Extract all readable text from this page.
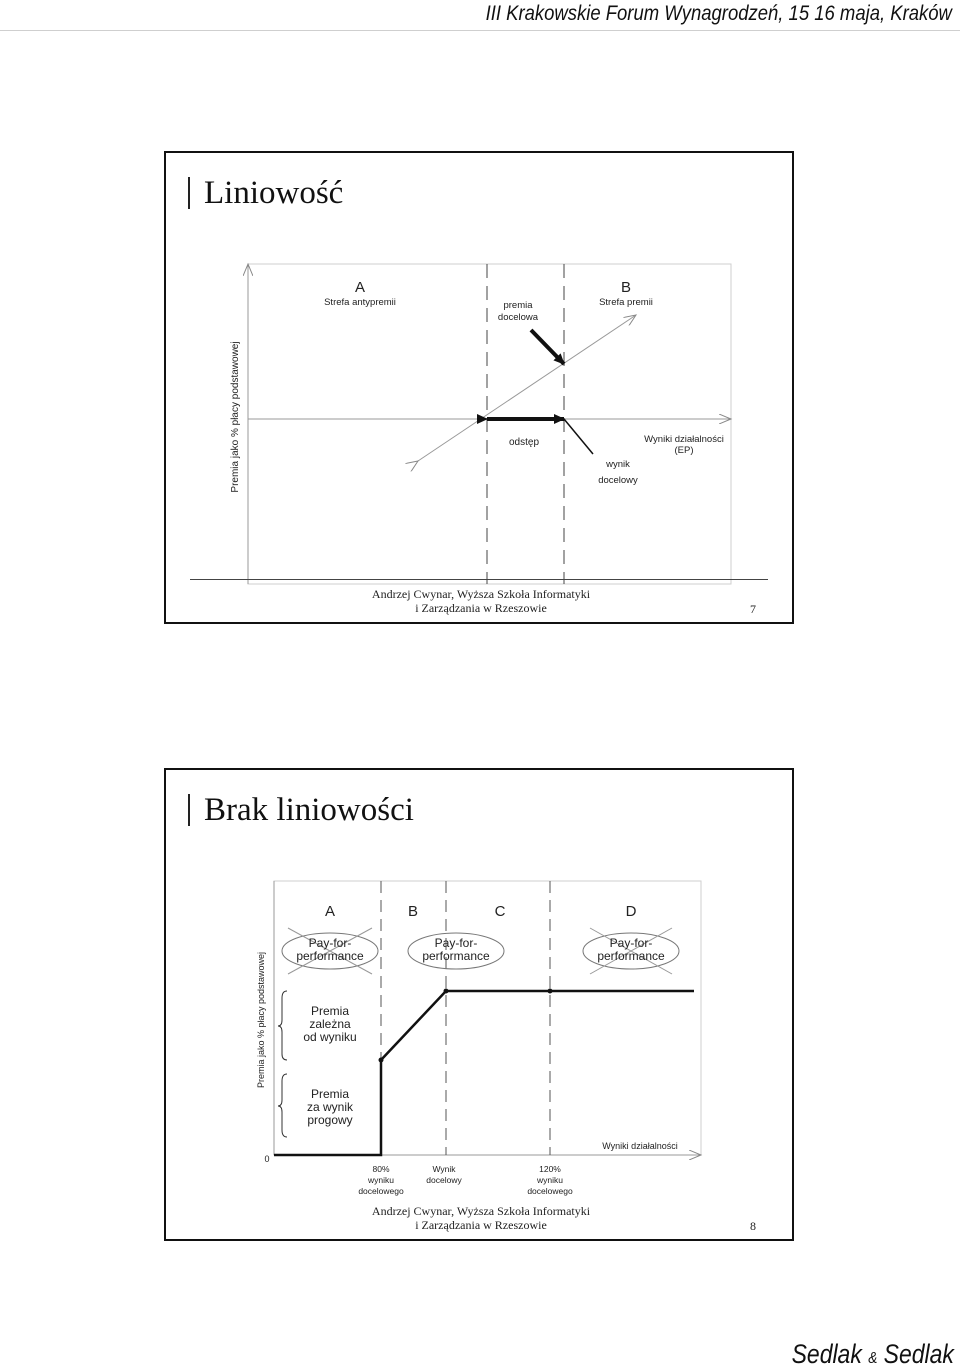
III Krakowskie Forum Wynagrodzeń, 15 16 maja, Kraków
Liniowość
A
Strefa antypremii	premia
docelowa
B
Strefa premii
odstęp	Wyniki działalności
(EP)
wynik
docelowy
Premia jako % płacy podstawowej
Andrzej Cwynar, Wyższa Szkoła Informatyki
i Zarządzania w Rzeszowie	7
Brak liniowości
A	B	C	D
Pay-for-
performance
Pay-for-
performance
Pay-for-
performance
Premia
zależna
od wyniku
Premia
za wynik
progowy
0
Wyniki działalności
80%
wyniku
docelowego
Wynik
docelowy
120%
wyniku
docelowego
Premia jako % płacy podstawowej
Andrzej Cwynar, Wyższa Szkoła Informatyki
i Zarządzania w Rzeszowie	8
Sedlak & Sedlak
